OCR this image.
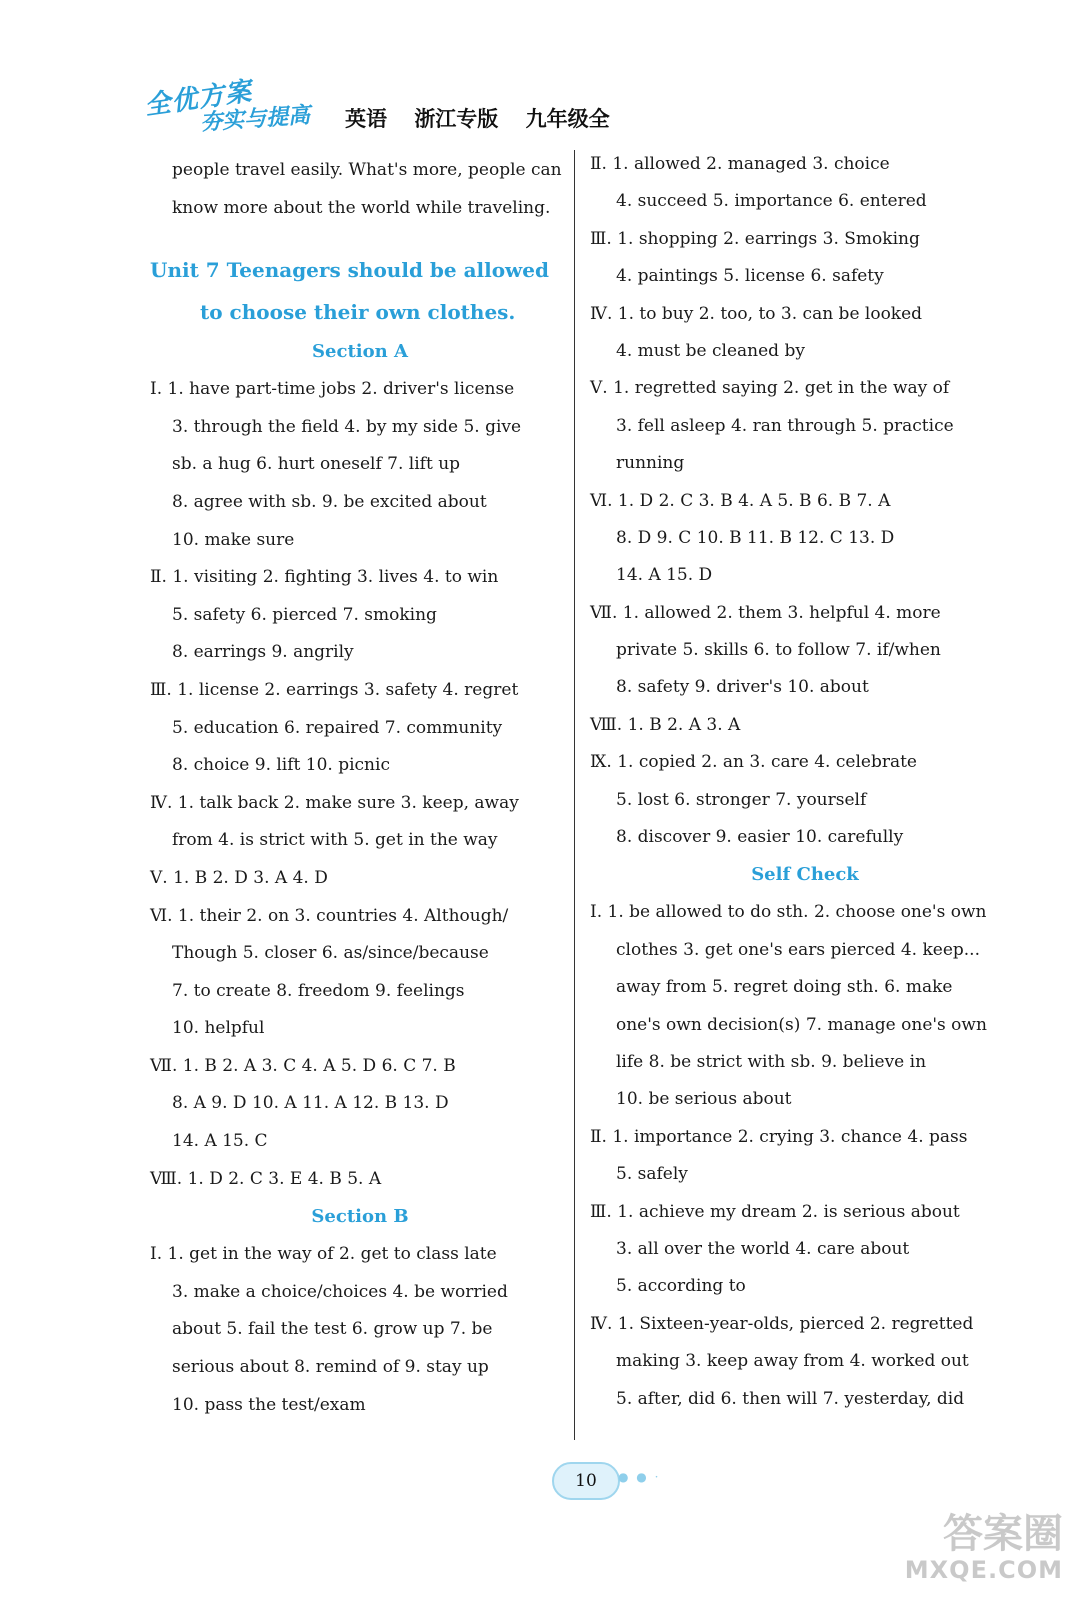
全优方案
夯实与提高 英语 浙江专版 九年级全
people travel easily. What's more, people can
know more about the world while traveling.
Unit 7 Teenagers should be allowed
to choose their own clothes.
Section A
Ⅰ. 1. have part-time jobs 2. driver's license
3. through the field 4. by my side 5. give
sb. a hug 6. hurt oneself 7. lift up
8. agree with sb. 9. be excited about
10. make sure
Ⅱ. 1. visiting 2. fighting 3. lives 4. to win
5. safety 6. pierced 7. smoking
8. earrings 9. angrily
Ⅲ. 1. license 2. earrings 3. safety 4. regret
5. education 6. repaired 7. community
8. choice 9. lift 10. picnic
Ⅳ. 1. talk back 2. make sure 3. keep, away
from 4. is strict with 5. get in the way
Ⅴ. 1. B 2. D 3. A 4. D
Ⅵ. 1. their 2. on 3. countries 4. Although/
Though 5. closer 6. as/since/because
7. to create 8. freedom 9. feelings
10. helpful
Ⅶ. 1. B 2. A 3. C 4. A 5. D 6. C 7. B
8. A 9. D 10. A 11. A 12. B 13. D
14. A 15. C
Ⅷ. 1. D 2. C 3. E 4. B 5. A
Section B
Ⅰ. 1. get in the way of 2. get to class late
3. make a choice/choices 4. be worried
about 5. fail the test 6. grow up 7. be
serious about 8. remind of 9. stay up
10. pass the test/exam
Ⅱ. 1. allowed 2. managed 3. choice
4. succeed 5. importance 6. entered
Ⅲ. 1. shopping 2. earrings 3. Smoking
4. paintings 5. license 6. safety
Ⅳ. 1. to buy 2. too, to 3. can be looked
4. must be cleaned by
Ⅴ. 1. regretted saying 2. get in the way of
3. fell asleep 4. ran through 5. practice
running
Ⅵ. 1. D 2. C 3. B 4. A 5. B 6. B 7. A
8. D 9. C 10. B 11. B 12. C 13. D
14. A 15. D
Ⅶ. 1. allowed 2. them 3. helpful 4. more
private 5. skills 6. to follow 7. if/when
8. safety 9. driver's 10. about
Ⅷ. 1. B 2. A 3. A
Ⅸ. 1. copied 2. an 3. care 4. celebrate
5. lost 6. stronger 7. yourself
8. discover 9. easier 10. carefully
Self Check
Ⅰ. 1. be allowed to do sth. 2. choose one's own
clothes 3. get one's ears pierced 4. keep...
away from 5. regret doing sth. 6. make
one's own decision(s) 7. manage one's own
life 8. be strict with sb. 9. believe in
10. be serious about
Ⅱ. 1. importance 2. crying 3. chance 4. pass
5. safely
Ⅲ. 1. achieve my dream 2. is serious about
3. all over the world 4. care about
5. according to
Ⅳ. 1. Sixteen-year-olds, pierced 2. regretted
making 3. keep away from 4. worked out
5. after, did 6. then will 7. yesterday, did
10	● ● ·
答案圈
MXQE.COM
